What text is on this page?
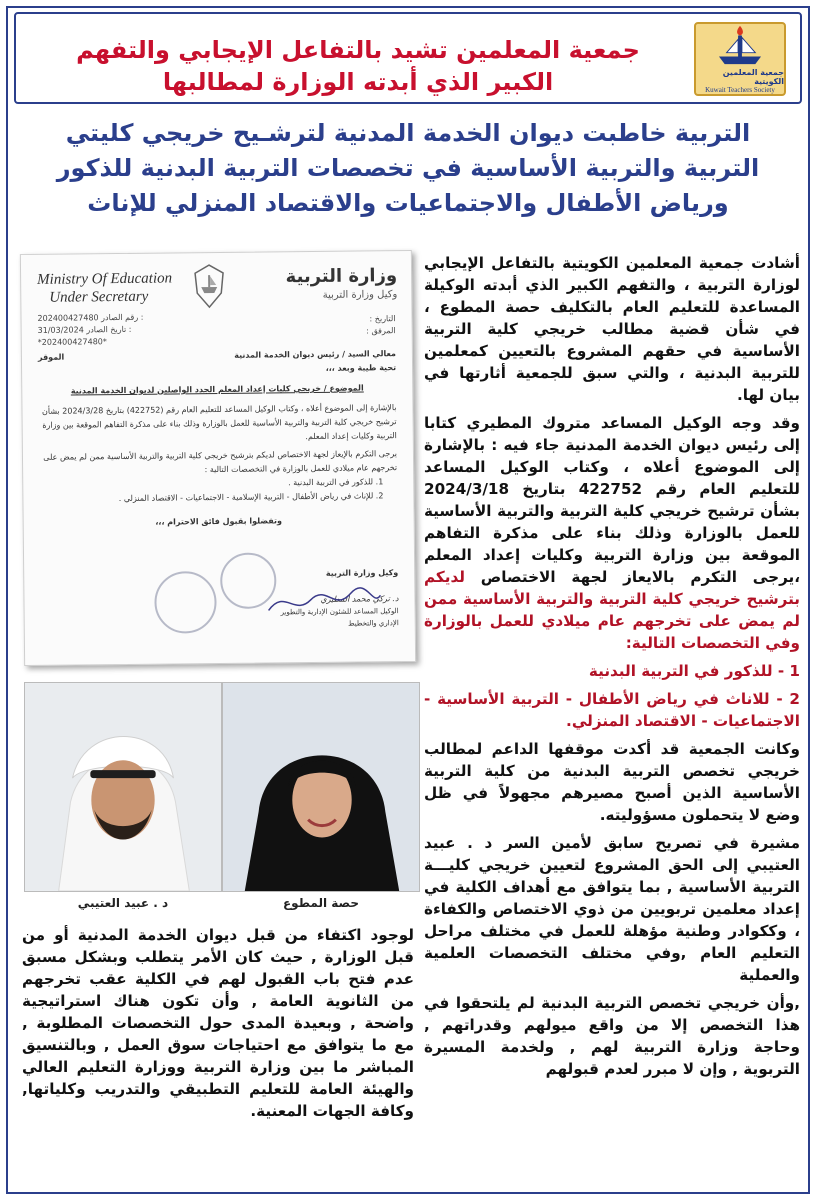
جمعية المعلمين تشيد بالتفاعل الإيجابي والتفهم
الكبير الذي أبدته الوزارة لمطالبها	جمعية المعلمين الكويتية
Kuwait Teachers Society
التربية خاطبت ديوان الخدمة المدنية لترشـيح خريجي كليتي
التربية والتربية الأساسية في تخصصات التربية البدنية للذكور
ورياض الأطفال والاجتماعيات والاقتصاد المنزلي للإناث
Ministry Of Education
Under Secretary
وزارة التربية
وكيل وزارة التربية
202400427480 رقم الصادر :
31/03/2024 تاريخ الصادر :
*202400427480*
التاريخ :
المرفق :
معالي السيد / رئيس ديوان الخدمة المدنية
الموقر
تحية طيبة وبعد ،،،
الموضوع / خريجي كليات إعداد المعلم الجدد الواصلين لديوان الخدمة المدنية
بالإشارة إلى الموضوع أعلاه ، وكتاب الوكيل المساعد للتعليم العام رقم (422752) بتاريخ 2024/3/28 بشأن ترشيح خريجي كلية التربية والتربية الأساسية للعمل بالوزارة وذلك بناء على مذكرة التفاهم الموقعة بين وزارة التربية وكليات إعداد المعلم.
يرجى التكرم بالإيعاز لجهة الاختصاص لديكم بترشيح خريجي كلية التربية والتربية الأساسية ممن لم يمض على تخرجهم عام ميلادي للعمل بالوزارة في التخصصات التالية :
1. للذكور في التربية البدنية .
2. للإناث في رياض الأطفال - التربية الإسلامية - الاجتماعيات - الاقتصاد المنزلي .
وتفضلوا بقبول فائق الاحترام ،،،
وكيل وزارة التربية
د. تركي محمد المطيري
الوكيل المساعد للشئون الإدارية والتطوير الإداري والتخطيط
د . عبيد العتيبي	حصة المطوع

أشادت جمعية المعلمين الكويتية بالتفاعل الإيجابي لوزارة التربية ، والتفهم الكبير الذي أبدته الوكيلة المساعدة للتعليم العام بالتكليف حصة المطوع ، في شأن قضية مطالب خريجي كلية التربية الأساسية في حقهم المشروع بالتعيين كمعلمين للتربية البدنية ، والتي سبق للجمعية أثارتها في بيان لها.

وقد وجه الوكيل المساعد متروك المطيري كتابا إلى رئيس ديوان الخدمة المدنية جاء فيه : بالإشارة إلى الموضوع أعلاه ، وكتاب الوكيل المساعد للتعليم العام رقم 422752 بتاريخ 2024/3/18 بشأن ترشيح خريجي كلية التربية والتربية الأساسية للعمل بالوزارة وذلك بناء على مذكرة التفاهم الموقعة بين وزارة التربية وكليات إعداد المعلم ،يرجى التكرم بالايعاز لجهة الاختصاص لديكم بترشيح خريجي كلية التربية والتربية الأساسية ممن لم يمض على تخرجهم عام ميلادي للعمل بالوزارة وفي التخصصات التالية:

1 - للذكور في التربية البدنية

2 - للاناث في رياض الأطفال - التربية الأساسية - الاجتماعيات - الاقتصاد المنزلي.

وكانت الجمعية قد أكدت موقفها الداعم لمطالب خريجي تخصص التربية البدنية من كلية التربية الأساسية الذين أصبح مصيرهم مجهولاً في ظل وضع لا يتحملون مسؤوليته.

مشيرة في تصريح سابق لأمين السر د . عبيد العتيبي إلى الحق المشروع لتعيين خريجي كليـــة التربية الأساسية , بما يتوافق مع أهداف الكلية في إعداد معلمين تربويين من ذوي الاختصاص والكفاءة ، وككوادر وطنية مؤهلة للعمل في مختلف مراحل التعليم العام ,وفي مختلف التخصصات العلمية والعملية

,وأن خريجي تخصص التربية البدنية لم يلتحقوا في هذا التخصص إلا من واقع ميولهم وقدراتهم , وحاجة وزارة التربية لهم , ولخدمة المسيرة التربوية , وإن لا مبرر لعدم قبولهم

لوجود اكتفاء من قبل ديوان الخدمة المدنية أو من قبل الوزارة , حيث كان الأمر يتطلب وبشكل مسبق عدم فتح باب القبول لهم في الكلية عقب تخرجهم من الثانوية العامة , وأن تكون هناك استراتيجية واضحة , وبعيدة المدى حول التخصصات المطلوبة , مع ما يتوافق مع احتياجات سوق العمل , وبالتنسيق المباشر ما بين وزارة التربية ووزارة التعليم العالي والهيئة العامة للتعليم التطبيقي والتدريب وكلياتها, وكافة الجهات المعنية.
